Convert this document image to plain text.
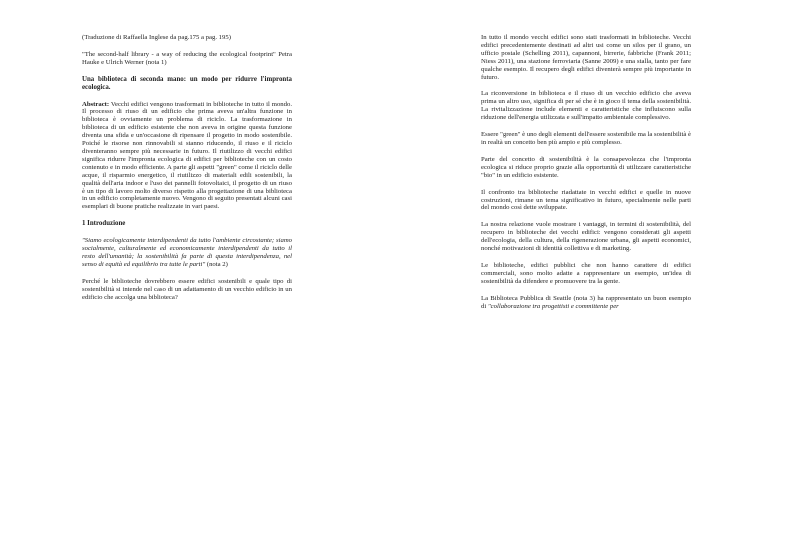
(Traduzione di Raffaella Inglese da pag.175 a pag. 195)

"The second-half library - a way of reducing the ecological footprint" Petra Hauke e Ulrich Werner (nota 1)

Una biblioteca di seconda mano: un modo per ridurre l'impronta ecologica.

Abstract: Vecchi edifici vengono trasformati in biblioteche in tutto il mondo. Il processo di riuso di un edificio che prima aveva un'altra funzione in biblioteca è ovviamente un problema di riciclo. La trasformazione in biblioteca di un edificio esistente che non aveva in origine questa funzione diventa una sfida e un'occasione di ripensare il progetto in modo sostenibile. Poiché le risorse non rinnovabili si stanno riducendo, il riuso e il riciclo diventeranno sempre più necessarie in futuro. Il riutilizzo di vecchi edifici significa ridurre l'impronta ecologica di edifici per biblioteche con un costo contenuto e in modo efficiente. A parte gli aspetti "green" come il riciclo delle acque, il risparmio energetico, il riutilizzo di materiali edili sostenibili, la qualità dell'aria indoor e l'uso dei pannelli fotovoltaici, il progetto di un riuso è un tipo di lavoro molto diverso rispetto alla progettazione di una biblioteca in un edificio completamente nuovo. Vengono di seguito presentati alcuni casi esemplari di buone pratiche realizzate in vari paesi.

1 Introduzione

"Siamo ecologicamente interdipendenti da tutto l'ambiente circostante; siamo socialmente, culturalmente ed economicamente interdipendenti da tutto il resto dell'umanità; la sostenibilità fa parte di questa interdipendenza, nel senso di equità ed equilibrio tra tutte le parti" (nota 2)

Perché le biblioteche dovrebbero essere edifici sostenibili e quale tipo di sostenibilità si intende nel caso di un adattamento di un vecchio edificio in un edificio che accolga una biblioteca?

In tutto il mondo vecchi edifici sono stati trasformati in biblioteche. Vecchi edifici precedentemente destinati ad altri usi come un silos per il grano, un ufficio postale (Schelling 2011), capannoni, birrerie, fabbriche (Frank 2011; Niess 2011), una stazione ferroviaria (Sanne 2009) e una stalla, tanto per fare qualche esempio. Il recupero degli edifici diventerà sempre più importante in futuro.

La riconversione in biblioteca e il riuso di un vecchio edificio che aveva prima un altro uso, significa di per sé che è in gioco il tema della sostenibilità. La rivitalizzazione include elementi e caratteristiche che influiscono sulla riduzione dell'energia utilizzata e sull'impatto ambientale complessivo.

Essere "green" è uno degli elementi dell'essere sostenibile ma la sostenibilità è in realtà un concetto ben più ampio e più complesso.

Parte del concetto di sostenibilità è la consapevolezza che l'impronta ecologica si riduce proprio grazie alla opportunità di utilizzare caratteristiche "bio" in un edificio esistente.

Il confronto tra biblioteche riadattate in vecchi edifici e quelle in nuove costruzioni, rimane un tema significativo in futuro, specialmente nelle parti del mondo così dette sviluppate.

La nostra relazione vuole mostrare i vantaggi, in termini di sostenibilità, del recupero in biblioteche dei vecchi edifici: vengono considerati gli aspetti dell'ecologia, della cultura, della rigenerazione urbana, gli aspetti economici, nonché motivazioni di identità collettiva e di marketing.

Le biblioteche, edifici pubblici che non hanno carattere di edifici commerciali, sono molto adatte a rappresentare un esempio, un'idea di sostenibilità da difendere e promuovere tra la gente.

La Biblioteca Pubblica di Seattle (nota 3) ha rappresentato un buon esempio di "collaborazione tra progettisti e committente per
